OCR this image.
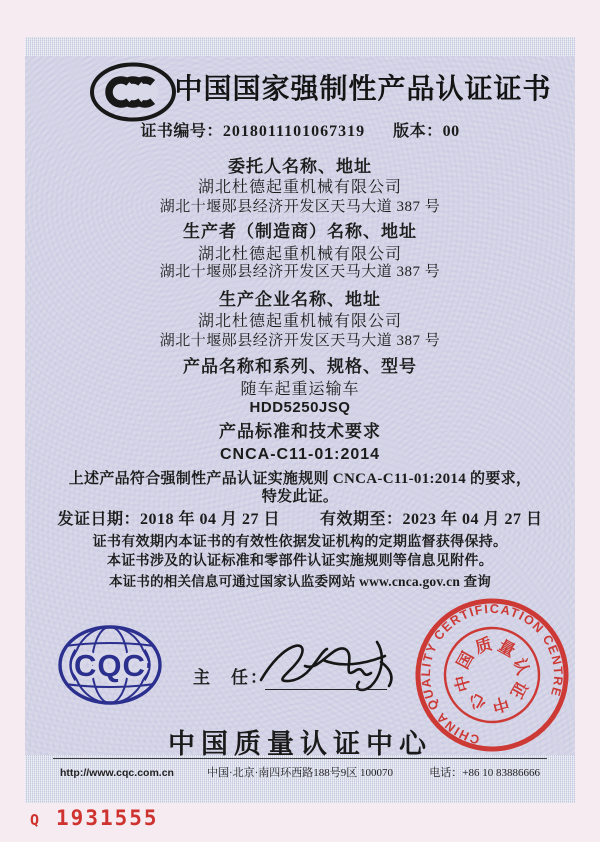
中国国家强制性产品认证证书
证书编号：2018011101067319 版本：00
委托人名称、地址
湖北杜德起重机械有限公司
湖北十堰郧县经济开发区天马大道 387 号
生产者（制造商）名称、地址
湖北杜德起重机械有限公司
湖北十堰郧县经济开发区天马大道 387 号
生产企业名称、地址
湖北杜德起重机械有限公司
湖北十堰郧县经济开发区天马大道 387 号
产品名称和系列、规格、型号
随车起重运输车
HDD5250JSQ
产品标准和技术要求
CNCA-C11-01:2014
上述产品符合强制性产品认证实施规则 CNCA-C11-01:2014 的要求，
特发此证。
发证日期：2018 年 04 月 27 日	有效期至：2023 年 04 月 27 日
证书有效期内本证书的有效性依据发证机构的定期监督获得保持。
本证书涉及的认证标准和零部件认证实施规则等信息见附件。
本证书的相关信息可通过国家认监委网站 www.cnca.gov.cn 查询
CQC	主　任：
CHINA QUALITY CERTIFICATION CENTRE
中
国
质 量
认
证
中
心
中国质量认证中心
http://www.cqc.com.cn	中国·北京·南四环西路188号9区 100070	电话：+86 10 83886666
Q 1931555
